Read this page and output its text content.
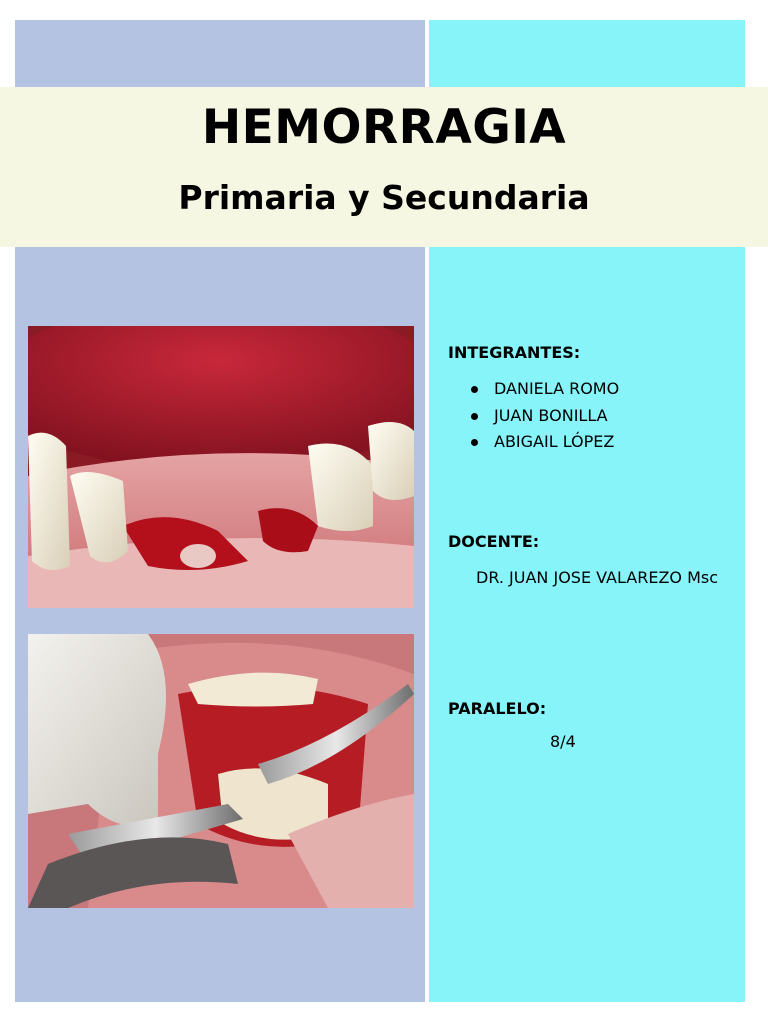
HEMORRAGIA
Primaria y Secundaria
INTEGRANTES:
DANIELA ROMO
JUAN BONILLA
ABIGAIL LÓPEZ
DOCENTE:
DR. JUAN JOSE VALAREZO Msc
PARALELO:
8/4
